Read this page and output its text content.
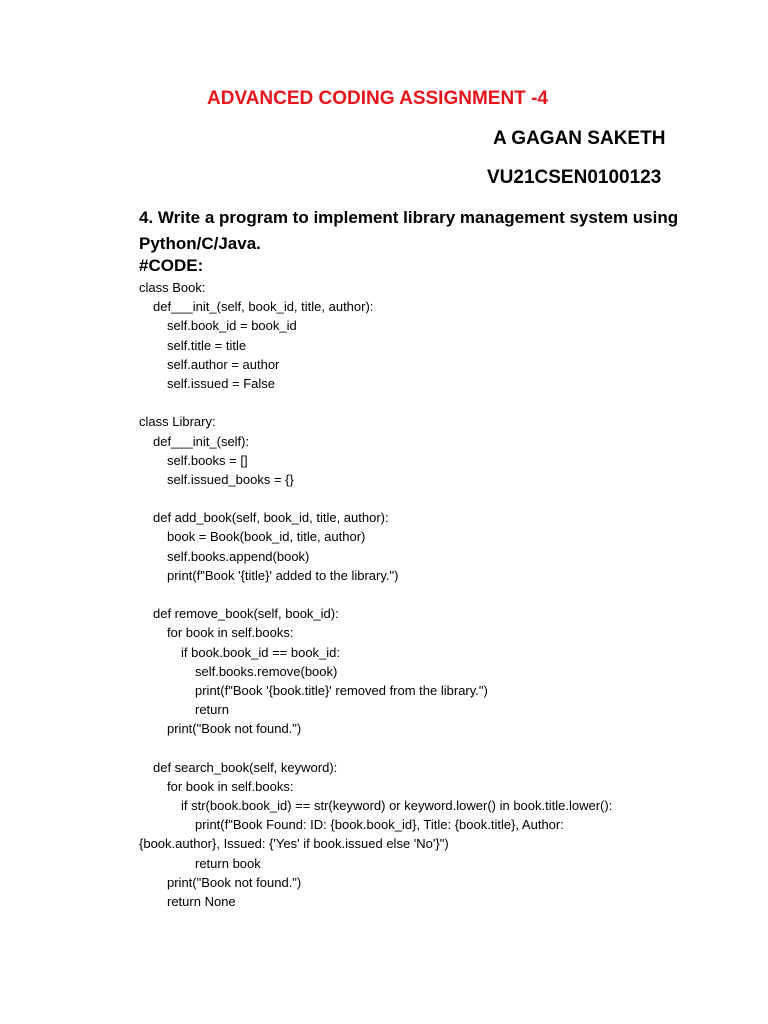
ADVANCED CODING ASSIGNMENT -4
A GAGAN SAKETH
VU21CSEN0100123
4. Write a program to implement library management system using Python/C/Java.
#CODE:
class Book:
def___init_(self, book_id, title, author):
self.book_id = book_id
self.title = title
self.author = author
self.issued = False
class Library:
def___init_(self):
self.books = []
self.issued_books = {}
def add_book(self, book_id, title, author):
book = Book(book_id, title, author)
self.books.append(book)
print(f"Book '{title}' added to the library.")
def remove_book(self, book_id):
for book in self.books:
if book.book_id == book_id:
self.books.remove(book)
print(f"Book '{book.title}' removed from the library.")
return
print("Book not found.")
def search_book(self, keyword):
for book in self.books:
if str(book.book_id) == str(keyword) or keyword.lower() in book.title.lower():
print(f"Book Found: ID: {book.book_id}, Title: {book.title}, Author:
{book.author}, Issued: {'Yes' if book.issued else 'No'}")
return book
print("Book not found.")
return None
